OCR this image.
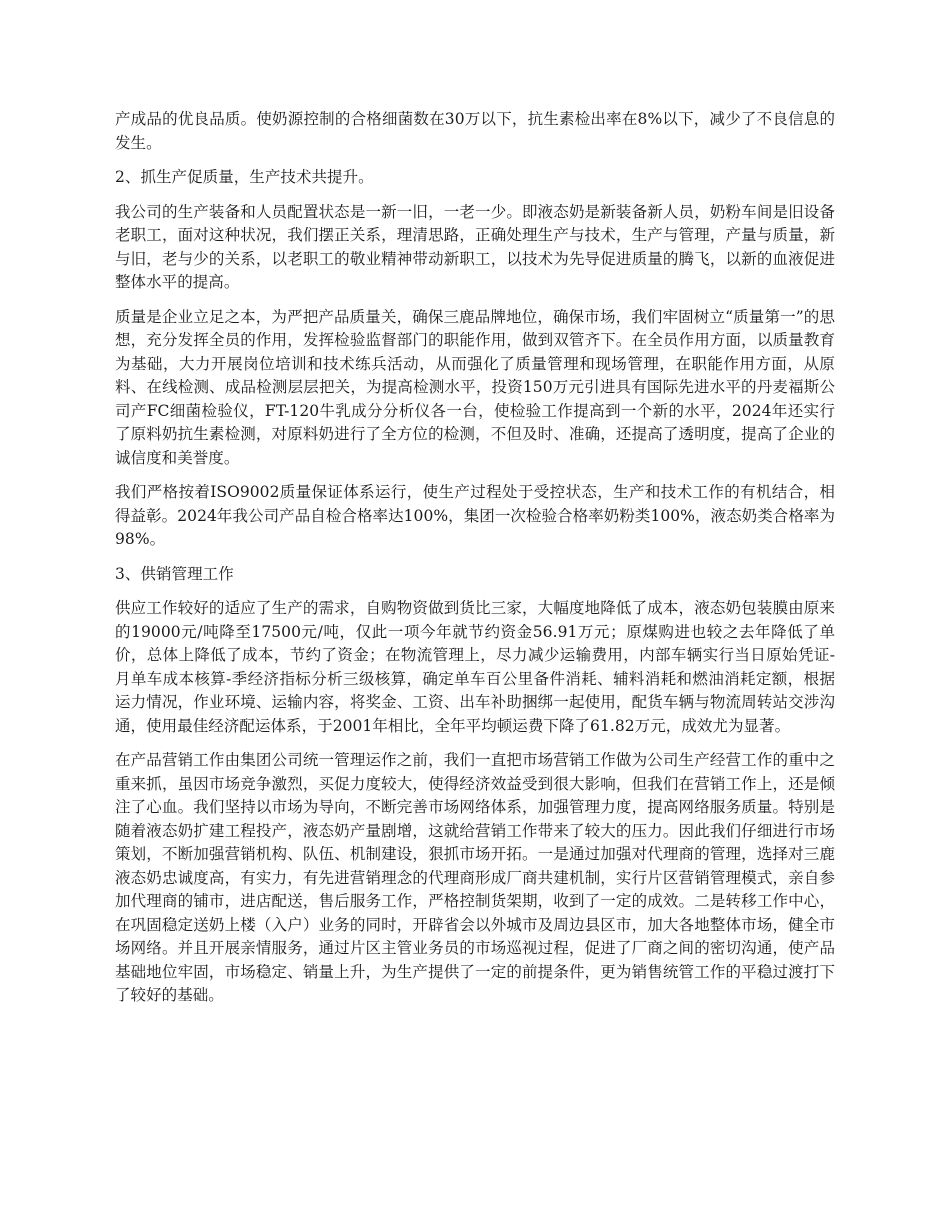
产成品的优良品质。使奶源控制的合格细菌数在30万以下，抗生素检出率在8%以下，减少了不良信息的发生。

2、抓生产促质量，生产技术共提升。

我公司的生产装备和人员配置状态是一新一旧，一老一少。即液态奶是新装备新人员，奶粉车间是旧设备老职工，面对这种状况，我们摆正关系，理清思路，正确处理生产与技术，生产与管理，产量与质量，新与旧，老与少的关系，以老职工的敬业精神带动新职工，以技术为先导促进质量的腾飞，以新的血液促进整体水平的提高。

质量是企业立足之本，为严把产品质量关，确保三鹿品牌地位，确保市场，我们牢固树立“质量第一”的思想，充分发挥全员的作用，发挥检验监督部门的职能作用，做到双管齐下。在全员作用方面，以质量教育为基础，大力开展岗位培训和技术练兵活动，从而强化了质量管理和现场管理，在职能作用方面，从原料、在线检测、成品检测层层把关，为提高检测水平，投资150万元引进具有国际先进水平的丹麦福斯公司产FC细菌检验仪，FT-120牛乳成分分析仪各一台，使检验工作提高到一个新的水平，2024年还实行了原料奶抗生素检测，对原料奶进行了全方位的检测，不但及时、准确，还提高了透明度，提高了企业的诚信度和美誉度。

我们严格按着ISO9002质量保证体系运行，使生产过程处于受控状态，生产和技术工作的有机结合，相得益彰。2024年我公司产品自检合格率达100%，集团一次检验合格率奶粉类100%，液态奶类合格率为98%。

3、供销管理工作

供应工作较好的适应了生产的需求，自购物资做到货比三家，大幅度地降低了成本，液态奶包装膜由原来的19000元/吨降至17500元/吨，仅此一项今年就节约资金56.91万元；原煤购进也较之去年降低了单价，总体上降低了成本，节约了资金；在物流管理上，尽力减少运输费用，内部车辆实行当日原始凭证-月单车成本核算-季经济指标分析三级核算，确定单车百公里备件消耗、辅料消耗和燃油消耗定额，根据运力情况，作业环境、运输内容，将奖金、工资、出车补助捆绑一起使用，配货车辆与物流周转站交涉沟通，使用最佳经济配运体系，于2001年相比，全年平均顿运费下降了61.82万元，成效尤为显著。

在产品营销工作由集团公司统一管理运作之前，我们一直把市场营销工作做为公司生产经营工作的重中之重来抓，虽因市场竞争激烈，买促力度较大，使得经济效益受到很大影响，但我们在营销工作上，还是倾注了心血。我们坚持以市场为导向，不断完善市场网络体系，加强管理力度，提高网络服务质量。特别是随着液态奶扩建工程投产，液态奶产量剧增，这就给营销工作带来了较大的压力。因此我们仔细进行市场策划，不断加强营销机构、队伍、机制建设，狠抓市场开拓。一是通过加强对代理商的管理，选择对三鹿液态奶忠诚度高，有实力，有先进营销理念的代理商形成厂商共建机制，实行片区营销管理模式，亲自参加代理商的铺市，进店配送，售后服务工作，严格控制货架期，收到了一定的成效。二是转移工作中心，在巩固稳定送奶上楼（入户）业务的同时，开辟省会以外城市及周边县区市，加大各地整体市场，健全市场网络。并且开展亲情服务，通过片区主管业务员的市场巡视过程，促进了厂商之间的密切沟通，使产品基础地位牢固，市场稳定、销量上升，为生产提供了一定的前提条件，更为销售统管工作的平稳过渡打下了较好的基础。
